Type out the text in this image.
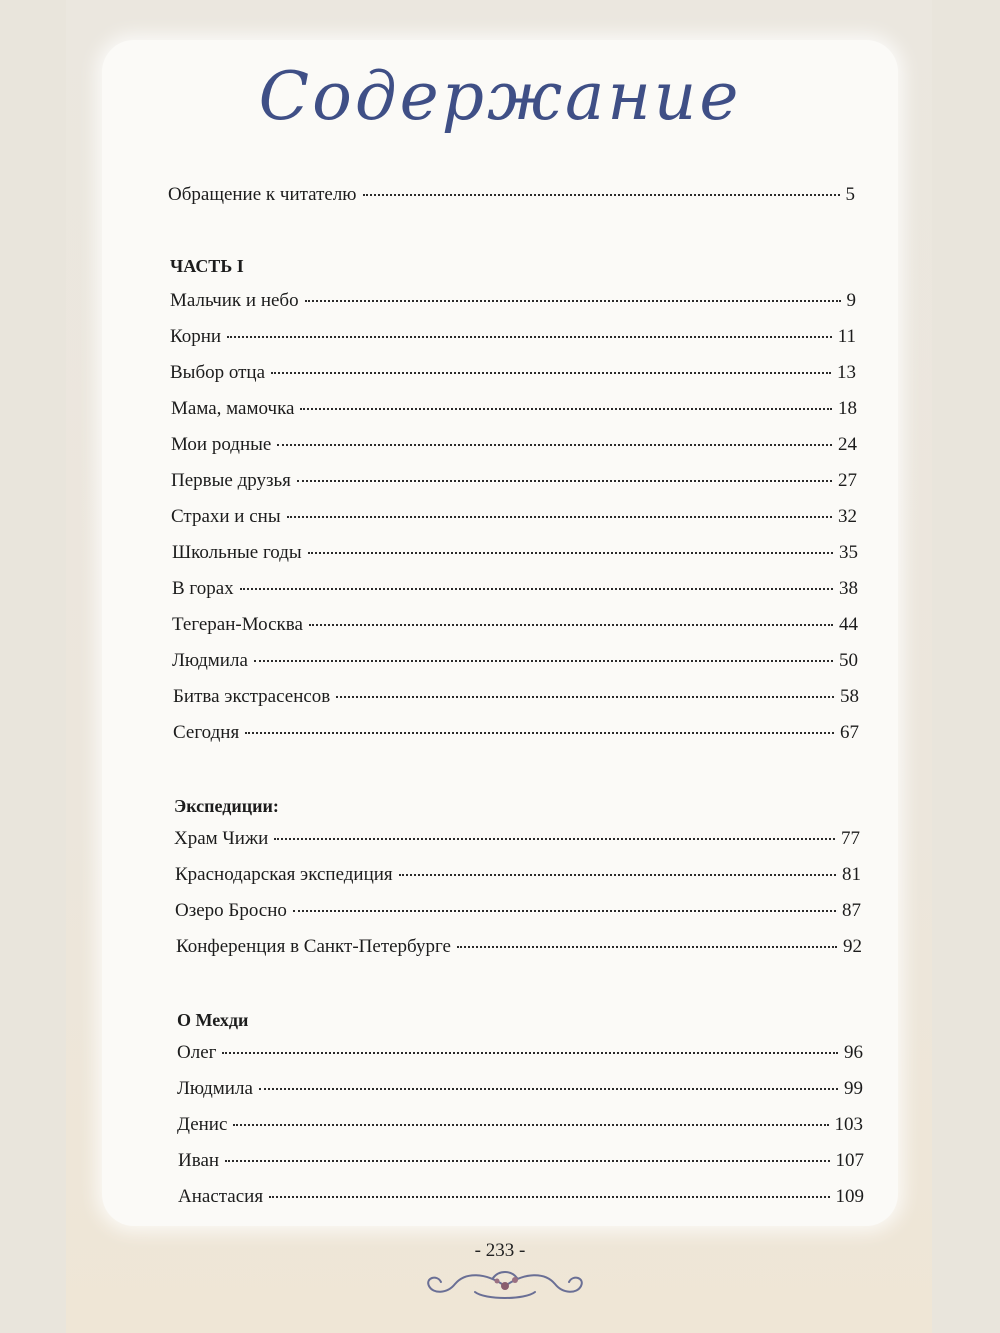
Содержание
Обращение к читателю	5
ЧАСТЬ I
Мальчик и небо	9
Корни	11
Выбор отца	13
Мама, мамочка	18
Мои родные	24
Первые друзья	27
Страхи и сны	32
Школьные годы	35
В горах	38
Тегеран-Москва	44
Людмила	50
Битва экстрасенсов	58
Сегодня	67
Экспедиции:
Храм Чижи	77
Краснодарская экспедиция	81
Озеро Бросно	87
Конференция в Санкт-Петербурге	92
О Мехди
Олег	96
Людмила	99
Денис	103
Иван	107
Анастасия	109
- 233 -
